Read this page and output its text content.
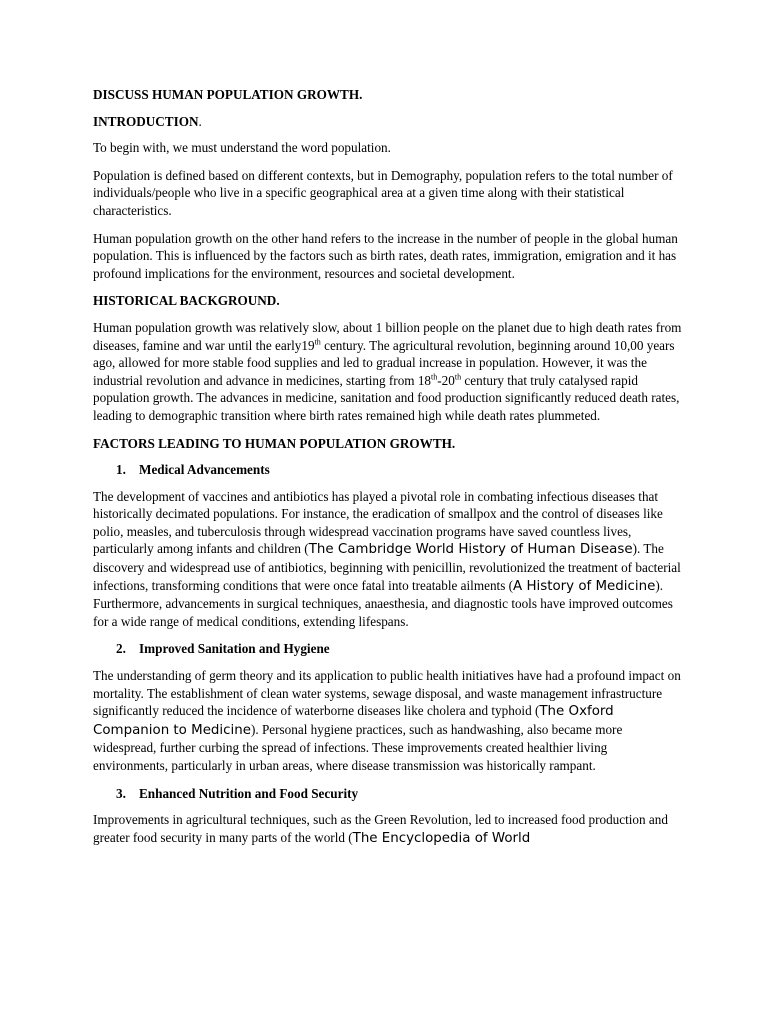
DISCUSS HUMAN POPULATION GROWTH.

INTRODUCTION.

To begin with, we must understand the word population.

Population is defined based on different contexts, but in Demography, population refers to the total number of individuals/people who live in a specific geographical area at a given time along with their statistical characteristics.

Human population growth on the other hand refers to the increase in the number of people in the global human population. This is influenced by the factors such as birth rates, death rates, immigration, emigration and it has profound implications for the environment, resources and societal development.

HISTORICAL BACKGROUND.

Human population growth was relatively slow, about 1 billion people on the planet due to high death rates from diseases, famine and war until the early19th century. The agricultural revolution, beginning around 10,00 years ago, allowed for more stable food supplies and led to gradual increase in population. However, it was the industrial revolution and advance in medicines, starting from 18th-20th century that truly catalysed rapid population growth. The advances in medicine, sanitation and food production significantly reduced death rates, leading to demographic transition where birth rates remained high while death rates plummeted.

FACTORS LEADING TO HUMAN POPULATION GROWTH.

1. Medical Advancements

The development of vaccines and antibiotics has played a pivotal role in combating infectious diseases that historically decimated populations. For instance, the eradication of smallpox and the control of diseases like polio, measles, and tuberculosis through widespread vaccination programs have saved countless lives, particularly among infants and children (The Cambridge World History of Human Disease). The discovery and widespread use of antibiotics, beginning with penicillin, revolutionized the treatment of bacterial infections, transforming conditions that were once fatal into treatable ailments (A History of Medicine). Furthermore, advancements in surgical techniques, anaesthesia, and diagnostic tools have improved outcomes for a wide range of medical conditions, extending lifespans.

2. Improved Sanitation and Hygiene

The understanding of germ theory and its application to public health initiatives have had a profound impact on mortality. The establishment of clean water systems, sewage disposal, and waste management infrastructure significantly reduced the incidence of waterborne diseases like cholera and typhoid (The Oxford Companion to Medicine). Personal hygiene practices, such as handwashing, also became more widespread, further curbing the spread of infections. These improvements created healthier living environments, particularly in urban areas, where disease transmission was historically rampant.

3. Enhanced Nutrition and Food Security

Improvements in agricultural techniques, such as the Green Revolution, led to increased food production and greater food security in many parts of the world (The Encyclopedia of World
